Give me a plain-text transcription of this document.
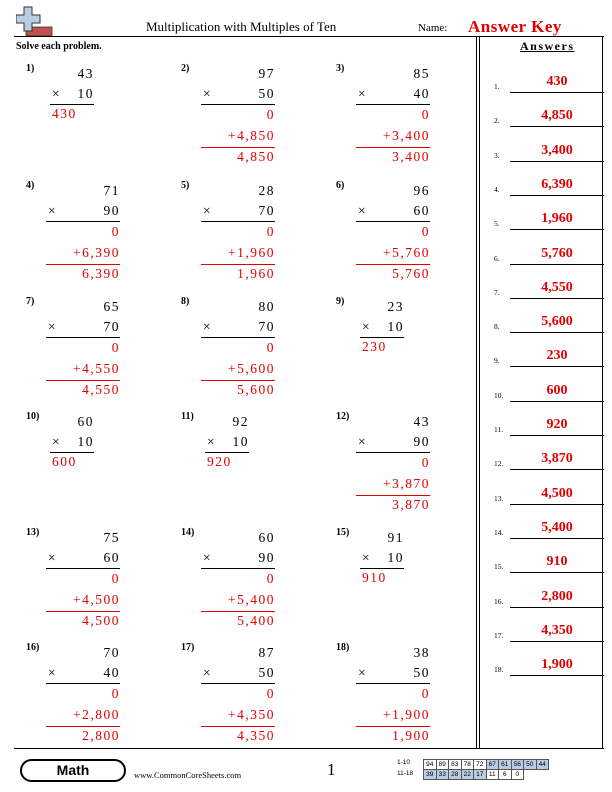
Multiplication with Multiples of Ten	Name: Answer Key
Solve each problem.
1)	43
× 10
430
2)	97
×	50
0
+4,850
4,850
3)	85
×	40
0
+3,400
3,400
4)	71
×	90
0
+6,390
6,390
5)	28
×	70
0
+1,960
1,960
6)	96
×	60
0
+5,760
5,760
7)	65
×	70
0
+4,550
4,550
8)	80
×	70
0
+5,600
5,600
9)	23
× 10
230
10)	60
× 10
600
11)	92
× 10
920
12)	43
×	90
0
+3,870
3,870
13)	75
×	60
0
+4,500
4,500
14)	60
×	90
0
+5,400
5,400
15)	91
× 10
910
16)	70
×	40
0
+2,800
2,800
17)	87
×	50
0
+4,350
4,350
18)	38
×	50
0
+1,900
1,900
Answers
1.	430
2.	4,850
3.	3,400
4.	6,390
5.	1,960
6.	5,760
7.	4,550
8.	5,600
9.	230
10.	600
11.	920
12.	3,870
13.	4,500
14.	5,400
15.	910
16.	2,800
17.	4,350
18.	1,900
Math	www.CommonCoreSheets.com	1	1-10
11-18
94	89	83	78	72	67	61	56	50	44
39	33	28	22	17	11	6	0		
